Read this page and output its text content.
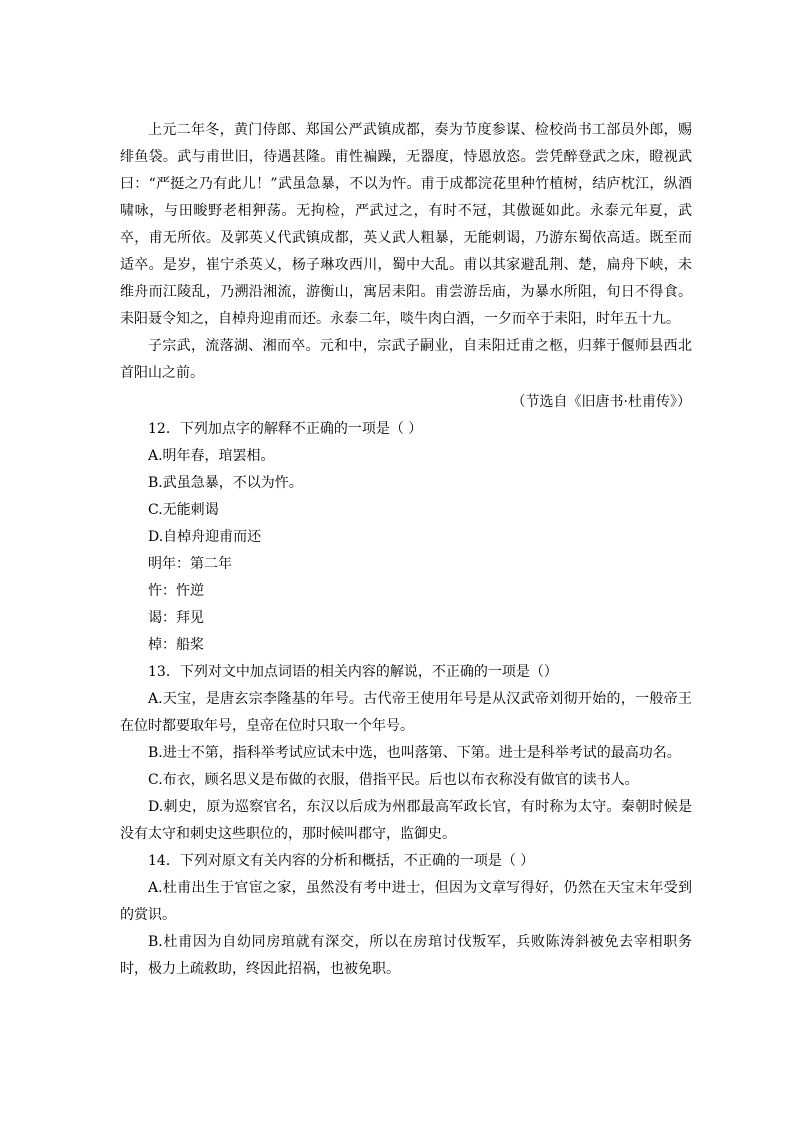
上元二年冬，黄门侍郎、郑国公严武镇成都，奏为节度参谋、检校尚书工部员外郎，赐绯鱼袋。武与甫世旧，待遇甚隆。甫性褊躁，无器度，恃恩放恣。尝凭醉登武之床，瞪视武曰：“严挺之乃有此儿！”武虽急暴，不以为忤。甫于成都浣花里种竹植树，结庐枕江，纵酒啸咏，与田畯野老相狎荡。无拘检，严武过之，有时不冠，其傲诞如此。永泰元年夏，武卒，甫无所依。及郭英乂代武镇成都，英乂武人粗暴，无能刺谒，乃游东蜀依高适。既至而适卒。是岁，崔宁杀英乂，杨子琳攻西川，蜀中大乱。甫以其家避乱荆、楚，扁舟下峡，未维舟而江陵乱，乃溯沿湘流，游衡山，寓居耒阳。甫尝游岳庙，为暴水所阻，旬日不得食。耒阳聂令知之，自棹舟迎甫而还。永泰二年，啖牛肉白酒，一夕而卒于耒阳，时年五十九。

子宗武，流落湖、湘而卒。元和中，宗武子嗣业，自耒阳迁甫之柩，归葬于偃师县西北首阳山之前。

（节选自《旧唐书·杜甫传》）
12．下列加点字的解释不正确的一项是（ ）
A.明年春，琯罢相。
B.武虽急暴，不以为忤。
C.无能刺谒
D.自棹舟迎甫而还
明年：第二年
忤：忤逆
谒：拜见
棹：船桨
13．下列对文中加点词语的相关内容的解说，不正确的一项是（）
A.天宝，是唐玄宗李隆基的年号。古代帝王使用年号是从汉武帝刘彻开始的，一般帝王在位时都要取年号，皇帝在位时只取一个年号。
B.进士不第，指科举考试应试未中选，也叫落第、下第。进士是科举考试的最高功名。
C.布衣，顾名思义是布做的衣服，借指平民。后也以布衣称没有做官的读书人。
D.刺史，原为巡察官名，东汉以后成为州郡最高军政长官，有时称为太守。秦朝时候是没有太守和刺史这些职位的，那时候叫郡守，监御史。
14．下列对原文有关内容的分析和概括，不正确的一项是（ ）
A.杜甫出生于官宦之家，虽然没有考中进士，但因为文章写得好，仍然在天宝末年受到的赏识。
B.杜甫因为自幼同房琯就有深交，所以在房琯讨伐叛军，兵败陈涛斜被免去宰相职务时，极力上疏救助，终因此招祸，也被免职。
